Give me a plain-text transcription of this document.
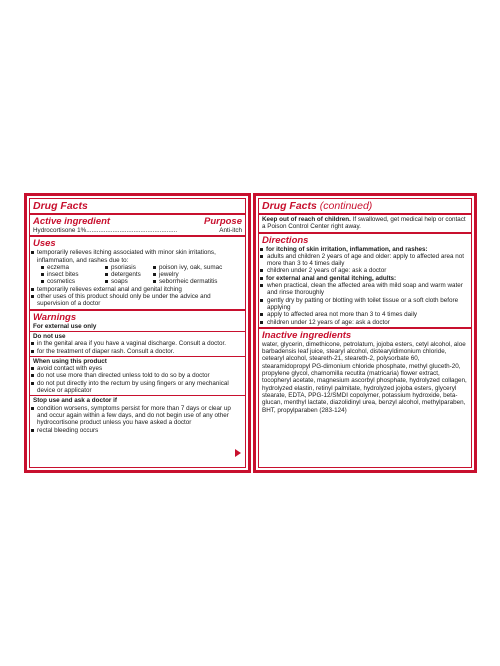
Drug Facts
Active ingredient	Purpose
Hydrocortisone 1% ....................................................	Anti-itch
Uses
temporarily relieves itching associated with minor skin irritations, inflammation, and rashes due to:
eczema	psoriasis	poison ivy, oak, sumac
insect bites	detergents	jewelry
cosmetics	soaps	seborrheic dermatitis
temporarily relieves external anal and genital itching
other uses of this product should only be under the advice and supervision of a doctor
Warnings
For external use only
Do not use
in the genital area if you have a vaginal discharge. Consult a doctor.
for the treatment of diaper rash. Consult a doctor.
When using this product
avoid contact with eyes
do not use more than directed unless told to do so by a doctor
do not put directly into the rectum by using fingers or any mechanical device or applicator
Stop use and ask a doctor if
condition worsens, symptoms persist for more than 7 days or clear up and occur again within a few days, and do not begin use of any other hydrocortisone product unless you have asked a doctor
rectal bleeding occurs
Drug Facts (continued)
Keep out of reach of children. If swallowed, get medical help or contact a Poison Control Center right away.
Directions
for itching of skin irritation, inflammation, and rashes:
adults and children 2 years of age and older: apply to affected area not more than 3 to 4 times daily
children under 2 years of age: ask a doctor
for external anal and genital itching, adults:
when practical, clean the affected area with mild soap and warm water and rinse thoroughly
gently dry by patting or blotting with toilet tissue or a soft cloth before applying
apply to affected area not more than 3 to 4 times daily
children under 12 years of age: ask a doctor
Inactive ingredients
water, glycerin, dimethicone, petrolatum, jojoba esters, cetyl alcohol, aloe barbadensis leaf juice, stearyl alcohol, distearyldimonium chloride, cetearyl alcohol, steareth-21, steareth-2, polysorbate 60, stearamidopropyl PG-dimonium chloride phosphate, methyl gluceth-20, propylene glycol, chamomilla recutita (matricaria) flower extract, tocopheryl acetate, magnesium ascorbyl phosphate, hydrolyzed collagen, hydrolyzed elastin, retinyl palmitate, hydrolyzed jojoba esters, glyceryl stearate, EDTA, PPG-12/SMDI copolymer, potassium hydroxide, beta-glucan, menthyl lactate, diazolidinyl urea, benzyl alcohol, methylparaben, BHT, propylparaben (283-124)
